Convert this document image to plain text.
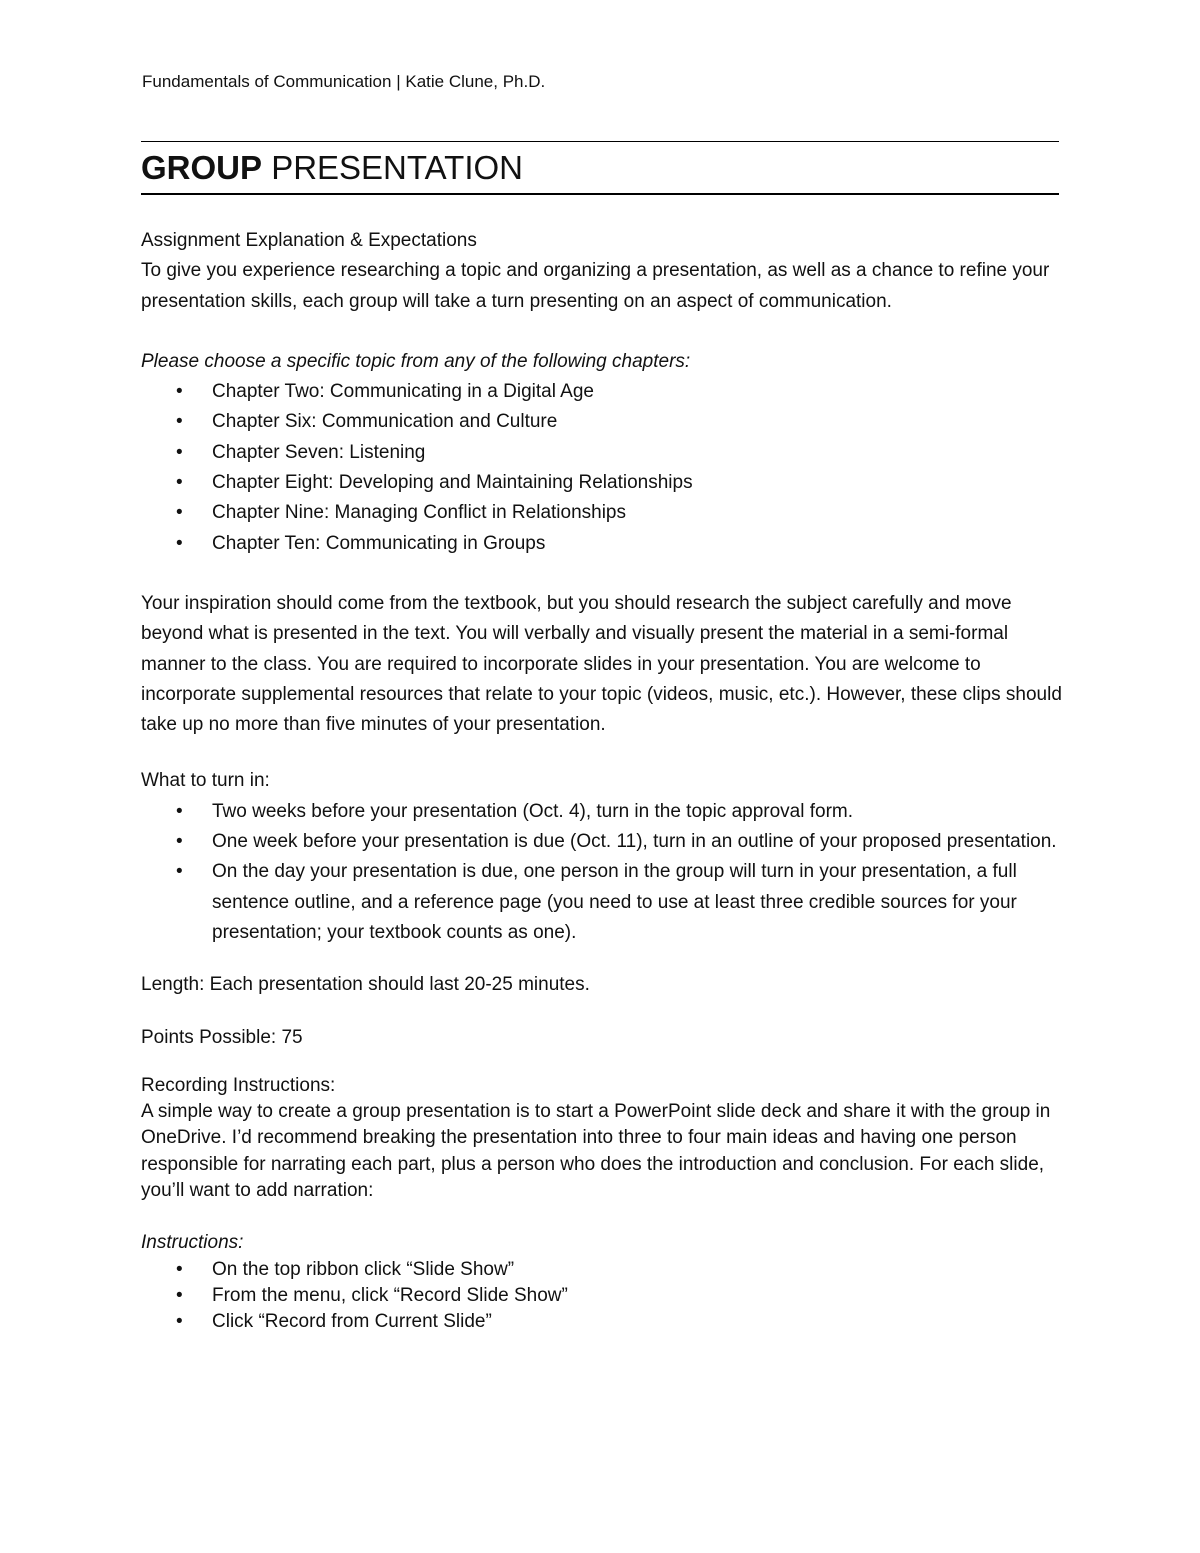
Fundamentals of Communication | Katie Clune, Ph.D.
GROUP PRESENTATION

Assignment Explanation & Expectations

To give you experience researching a topic and organizing a presentation, as well as a chance to refine your presentation skills, each group will take a turn presenting on an aspect of communication.

Please choose a specific topic from any of the following chapters:

• Chapter Two: Communicating in a Digital Age
• Chapter Six: Communication and Culture
• Chapter Seven: Listening
• Chapter Eight: Developing and Maintaining Relationships
• Chapter Nine: Managing Conflict in Relationships
• Chapter Ten: Communicating in Groups

Your inspiration should come from the textbook, but you should research the subject carefully and move beyond what is presented in the text. You will verbally and visually present the material in a semi-formal manner to the class. You are required to incorporate slides in your presentation. You are welcome to incorporate supplemental resources that relate to your topic (videos, music, etc.). However, these clips should take up no more than five minutes of your presentation.

What to turn in:

• Two weeks before your presentation (Oct. 4), turn in the topic approval form.
• One week before your presentation is due (Oct. 11), turn in an outline of your proposed presentation.
• On the day your presentation is due, one person in the group will turn in your presentation, a full sentence outline, and a reference page (you need to use at least three credible sources for your presentation; your textbook counts as one).

Length: Each presentation should last 20-25 minutes.

Points Possible: 75

Recording Instructions:

A simple way to create a group presentation is to start a PowerPoint slide deck and share it with the group in OneDrive. I’d recommend breaking the presentation into three to four main ideas and having one person responsible for narrating each part, plus a person who does the introduction and conclusion. For each slide, you’ll want to add narration:

Instructions:

• On the top ribbon click “Slide Show”
• From the menu, click “Record Slide Show”
• Click “Record from Current Slide”
